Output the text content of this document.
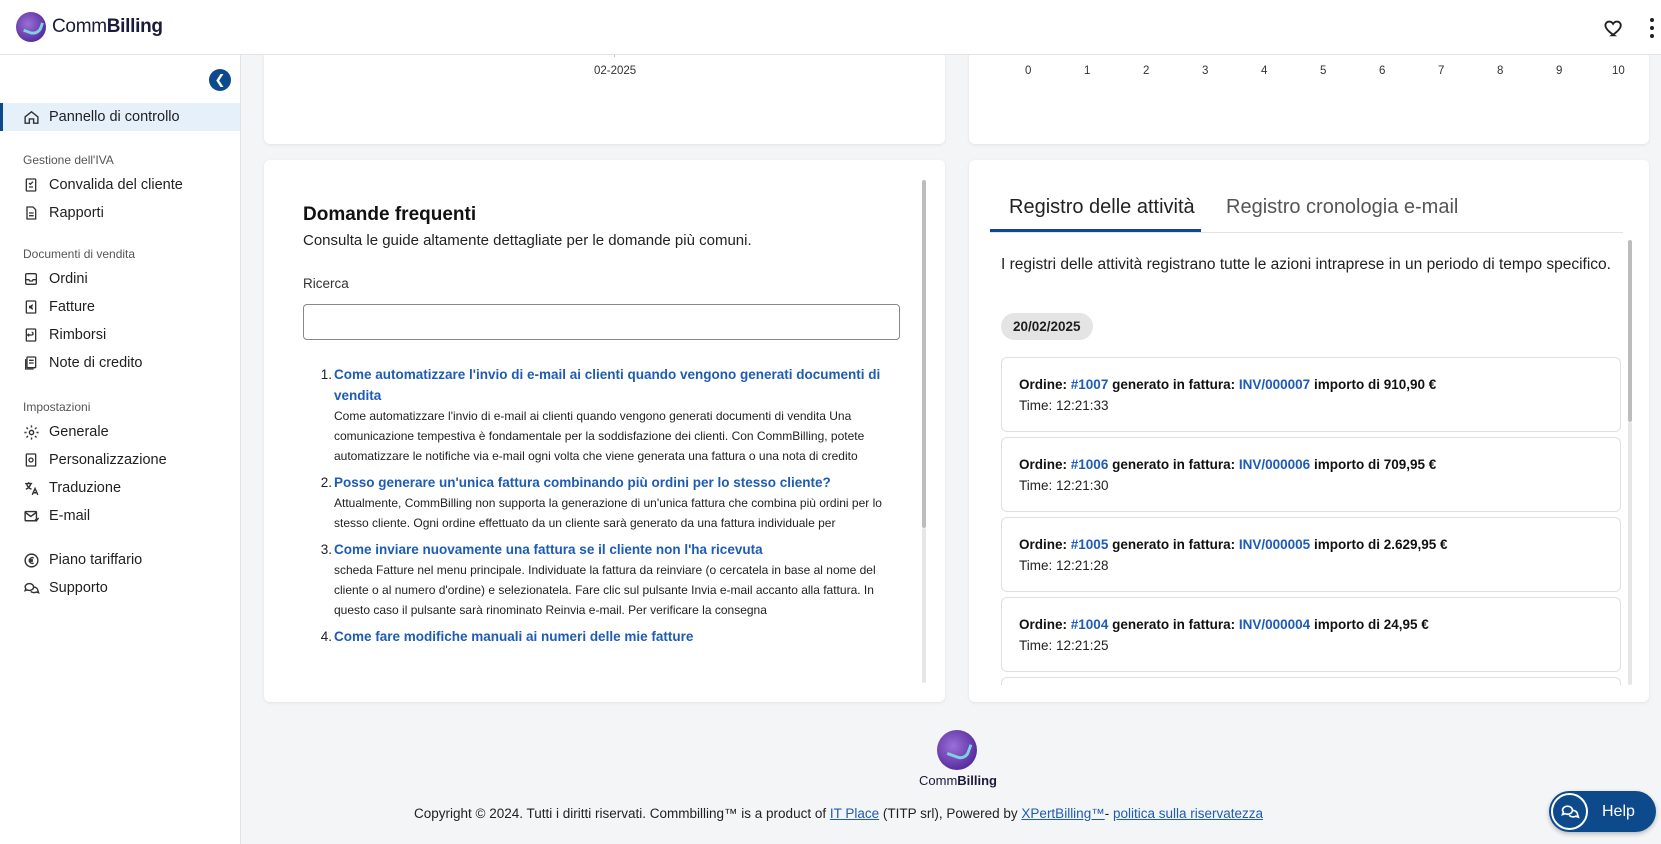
CommBilling
❮
Pannello di controllo
Gestione dell'IVA
Convalida del cliente
Rapporti
Documenti di vendita
Ordini
Fatture
Rimborsi
Note di credito
Impostazioni
Generale
Personalizzazione
Traduzione
E-mail
Piano tariffario
Supporto
02-2025	0	1	2	3	4	5	6	7	8	9	10
Domande frequenti
Consulta le guide altamente dettagliate per le domande più comuni.
Ricerca
1. Come automatizzare l'invio di e-mail ai clienti quando vengono generati documenti di vendita
Come automatizzare l'invio di e-mail ai clienti quando vengono generati documenti di vendita Una comunicazione tempestiva è fondamentale per la soddisfazione dei clienti. Con CommBilling, potete automatizzare le notifiche via e-mail ogni volta che viene generata una fattura o una nota di credito
2. Posso generare un'unica fattura combinando più ordini per lo stesso cliente?
Attualmente, CommBilling non supporta la generazione di un'unica fattura che combina più ordini per lo stesso cliente. Ogni ordine effettuato da un cliente sarà generato da una fattura individuale per
3. Come inviare nuovamente una fattura se il cliente non l'ha ricevuta
scheda Fatture nel menu principale. Individuate la fattura da reinviare (o cercatela in base al nome del cliente o al numero d'ordine) e selezionatela. Fare clic sul pulsante Invia e-mail accanto alla fattura. In questo caso il pulsante sarà rinominato Reinvia e-mail. Per verificare la consegna
4. Come fare modifiche manuali ai numeri delle mie fatture
Registro delle attività Registro cronologia e-mail
I registri delle attività registrano tutte le azioni intraprese in un periodo di tempo specifico.
20/02/2025
Ordine: #1007 generato in fattura: INV/000007 importo di 910,90 €
Time: 12:21:33
Ordine: #1006 generato in fattura: INV/000006 importo di 709,95 €
Time: 12:21:30
Ordine: #1005 generato in fattura: INV/000005 importo di 2.629,95 €
Time: 12:21:28
Ordine: #1004 generato in fattura: INV/000004 importo di 24,95 €
Time: 12:21:25
CommBilling
Copyright © 2024. Tutti i diritti riservati. Commbilling™ is a product of IT Place (TITP srl), Powered by XPertBilling™- politica sulla riservatezza	Help
